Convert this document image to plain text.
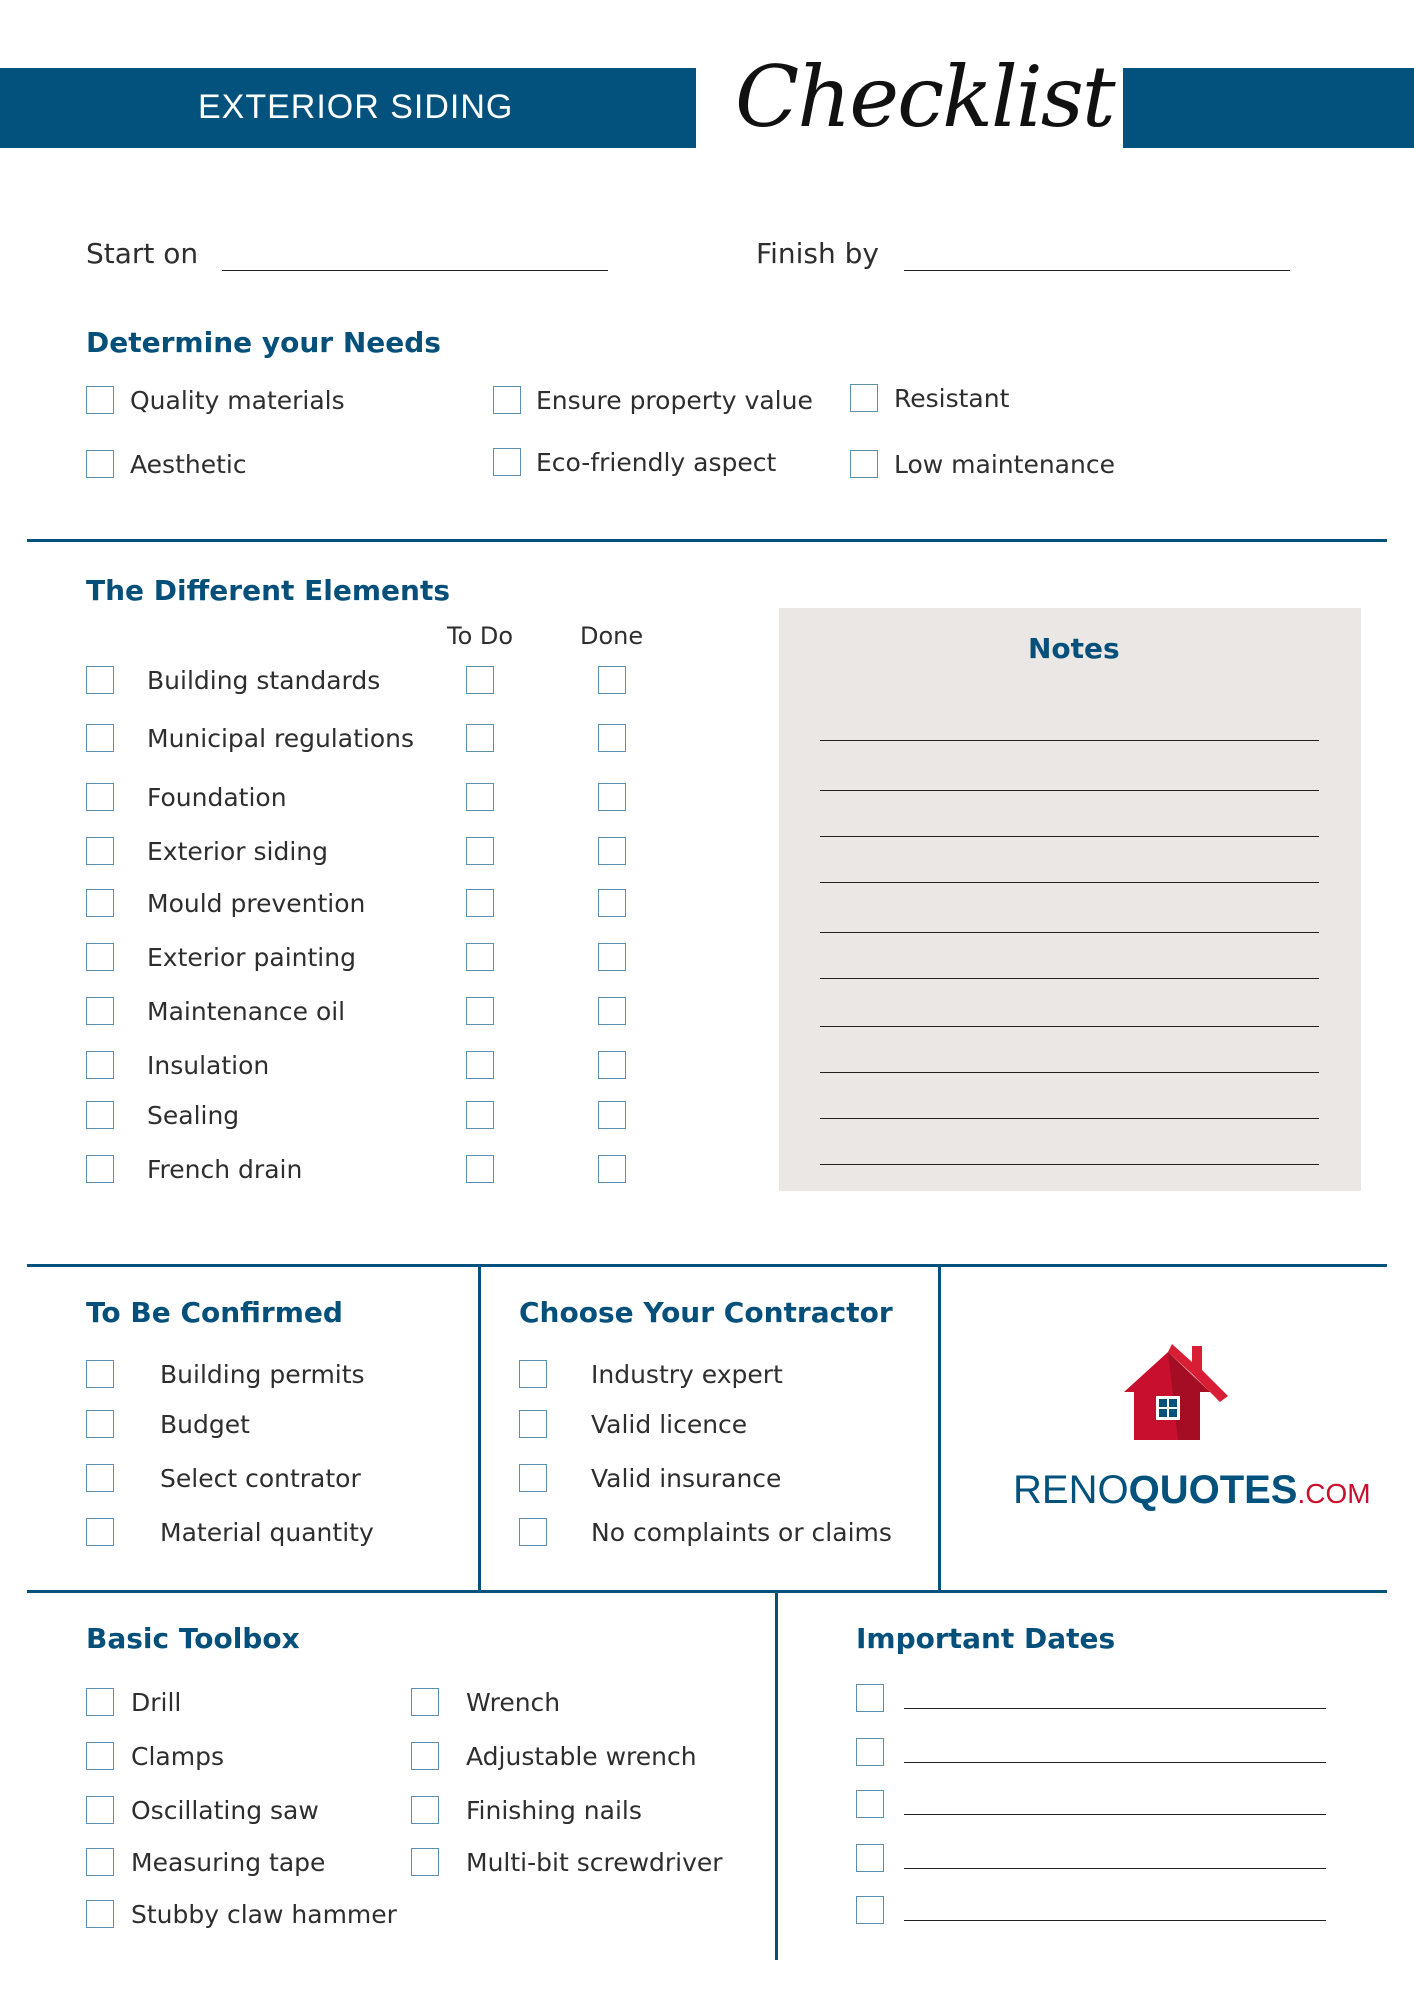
EXTERIOR SIDING	Checklist
Start on	Finish by
Determine your Needs
Quality materials	Ensure property value	Resistant
Aesthetic	Eco-friendly aspect	Low maintenance
The Different Elements
To Do	Done
Building standards
Municipal regulations
Foundation
Exterior siding
Mould prevention
Exterior painting
Maintenance oil
Insulation
Sealing
French drain
Notes
To Be Confirmed
Building permits
Budget
Select contrator
Material quantity
Choose Your Contractor
Industry expert
Valid licence
Valid insurance
No complaints or claims
RENOQUOTES.COM
Basic Toolbox
Drill
Clamps
Oscillating saw
Measuring tape
Stubby claw hammer
Wrench
Adjustable wrench
Finishing nails
Multi-bit screwdriver
Important Dates
